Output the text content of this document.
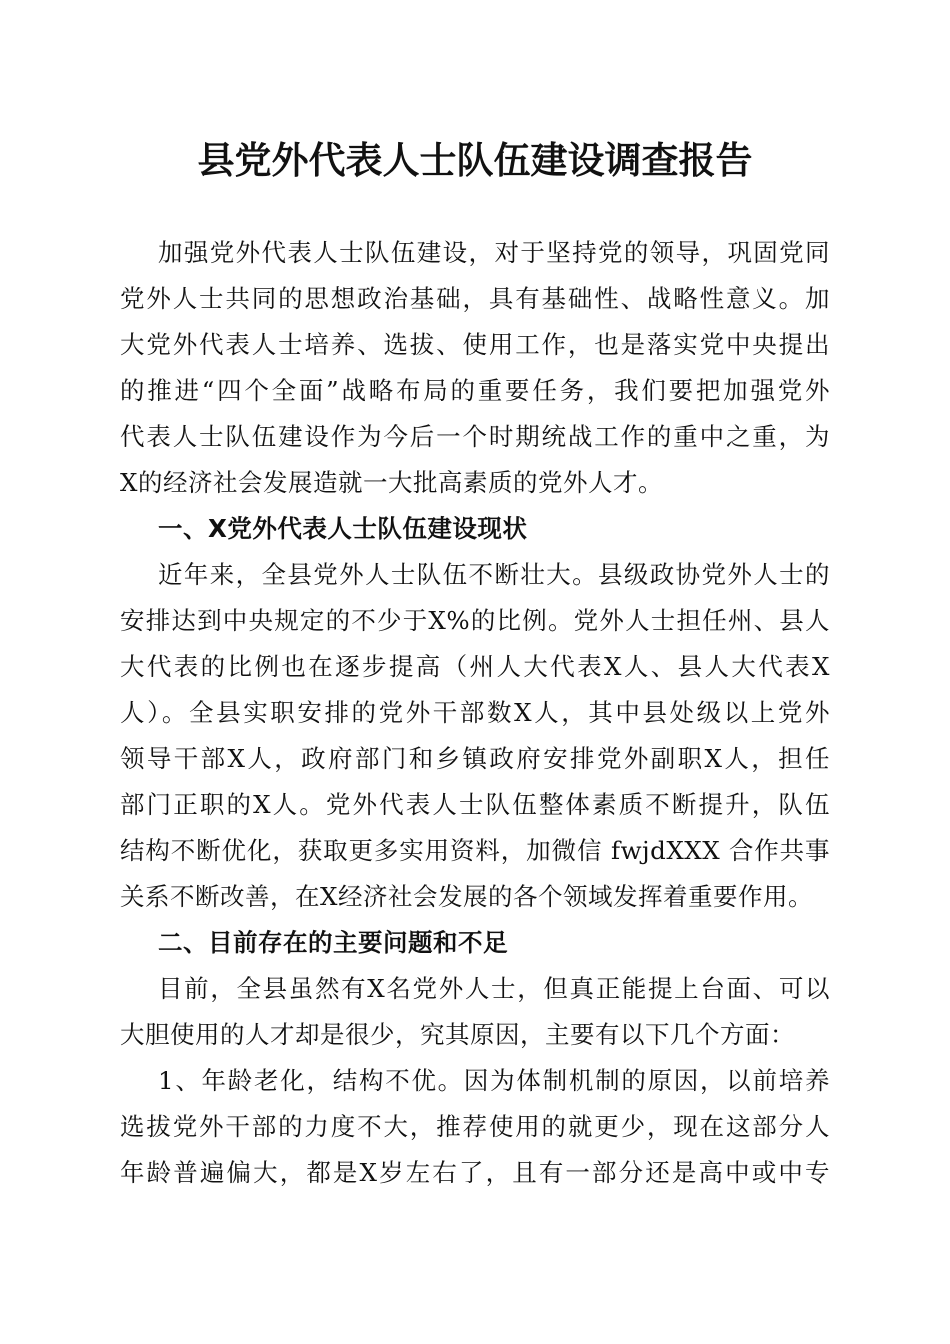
县党外代表人士队伍建设调查报告
加强党外代表人士队伍建设，对于坚持党的领导，巩固党同
党外人士共同的思想政治基础，具有基础性、战略性意义。加
大党外代表人士培养、选拔、使用工作，也是落实党中央提出
的推进“四个全面”战略布局的重要任务，我们要把加强党外
代表人士队伍建设作为今后一个时期统战工作的重中之重，为
X的经济社会发展造就一大批高素质的党外人才。
一、X党外代表人士队伍建设现状
近年来，全县党外人士队伍不断壮大。县级政协党外人士的
安排达到中央规定的不少于X%的比例。党外人士担任州、县人
大代表的比例也在逐步提高（州人大代表X人、县人大代表X
人）。全县实职安排的党外干部数X人，其中县处级以上党外
领导干部X人，政府部门和乡镇政府安排党外副职X人，担任
部门正职的X人。党外代表人士队伍整体素质不断提升，队伍
结构不断优化，获取更多实用资料，加微信 fwjdXXX 合作共事
关系不断改善，在X经济社会发展的各个领域发挥着重要作用。
二、目前存在的主要问题和不足
目前，全县虽然有X名党外人士，但真正能提上台面、可以
大胆使用的人才却是很少，究其原因，主要有以下几个方面：
1、年龄老化，结构不优。因为体制机制的原因，以前培养
选拔党外干部的力度不大，推荐使用的就更少，现在这部分人
年龄普遍偏大，都是X岁左右了，且有一部分还是高中或中专
